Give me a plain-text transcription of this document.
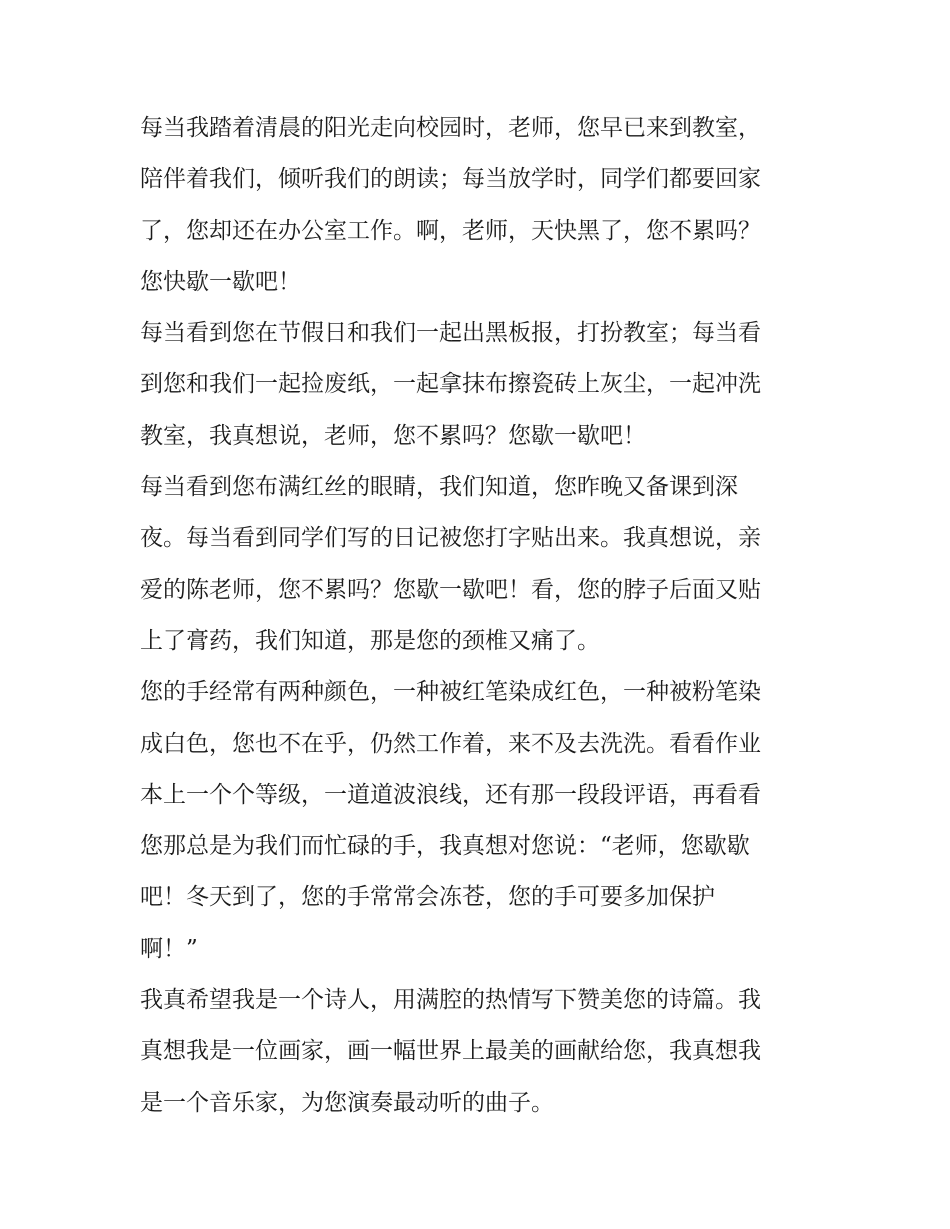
每当我踏着清晨的阳光走向校园时，老师，您早已来到教室，
陪伴着我们，倾听我们的朗读；每当放学时，同学们都要回家
了，您却还在办公室工作。啊，老师，天快黑了，您不累吗？
您快歇一歇吧！
每当看到您在节假日和我们一起出黑板报，打扮教室；每当看
到您和我们一起捡废纸，一起拿抹布擦瓷砖上灰尘，一起冲洗
教室，我真想说，老师，您不累吗？您歇一歇吧！
每当看到您布满红丝的眼睛，我们知道，您昨晚又备课到深
夜。每当看到同学们写的日记被您打字贴出来。我真想说，亲
爱的陈老师，您不累吗？您歇一歇吧！看，您的脖子后面又贴
上了膏药，我们知道，那是您的颈椎又痛了。
您的手经常有两种颜色，一种被红笔染成红色，一种被粉笔染
成白色，您也不在乎，仍然工作着，来不及去洗洗。看看作业
本上一个个等级，一道道波浪线，还有那一段段评语，再看看
您那总是为我们而忙碌的手，我真想对您说：“老师，您歇歇
吧！冬天到了，您的手常常会冻苍，您的手可要多加保护
啊！”
我真希望我是一个诗人，用满腔的热情写下赞美您的诗篇。我
真想我是一位画家，画一幅世界上最美的画献给您，我真想我
是一个音乐家，为您演奏最动听的曲子。
